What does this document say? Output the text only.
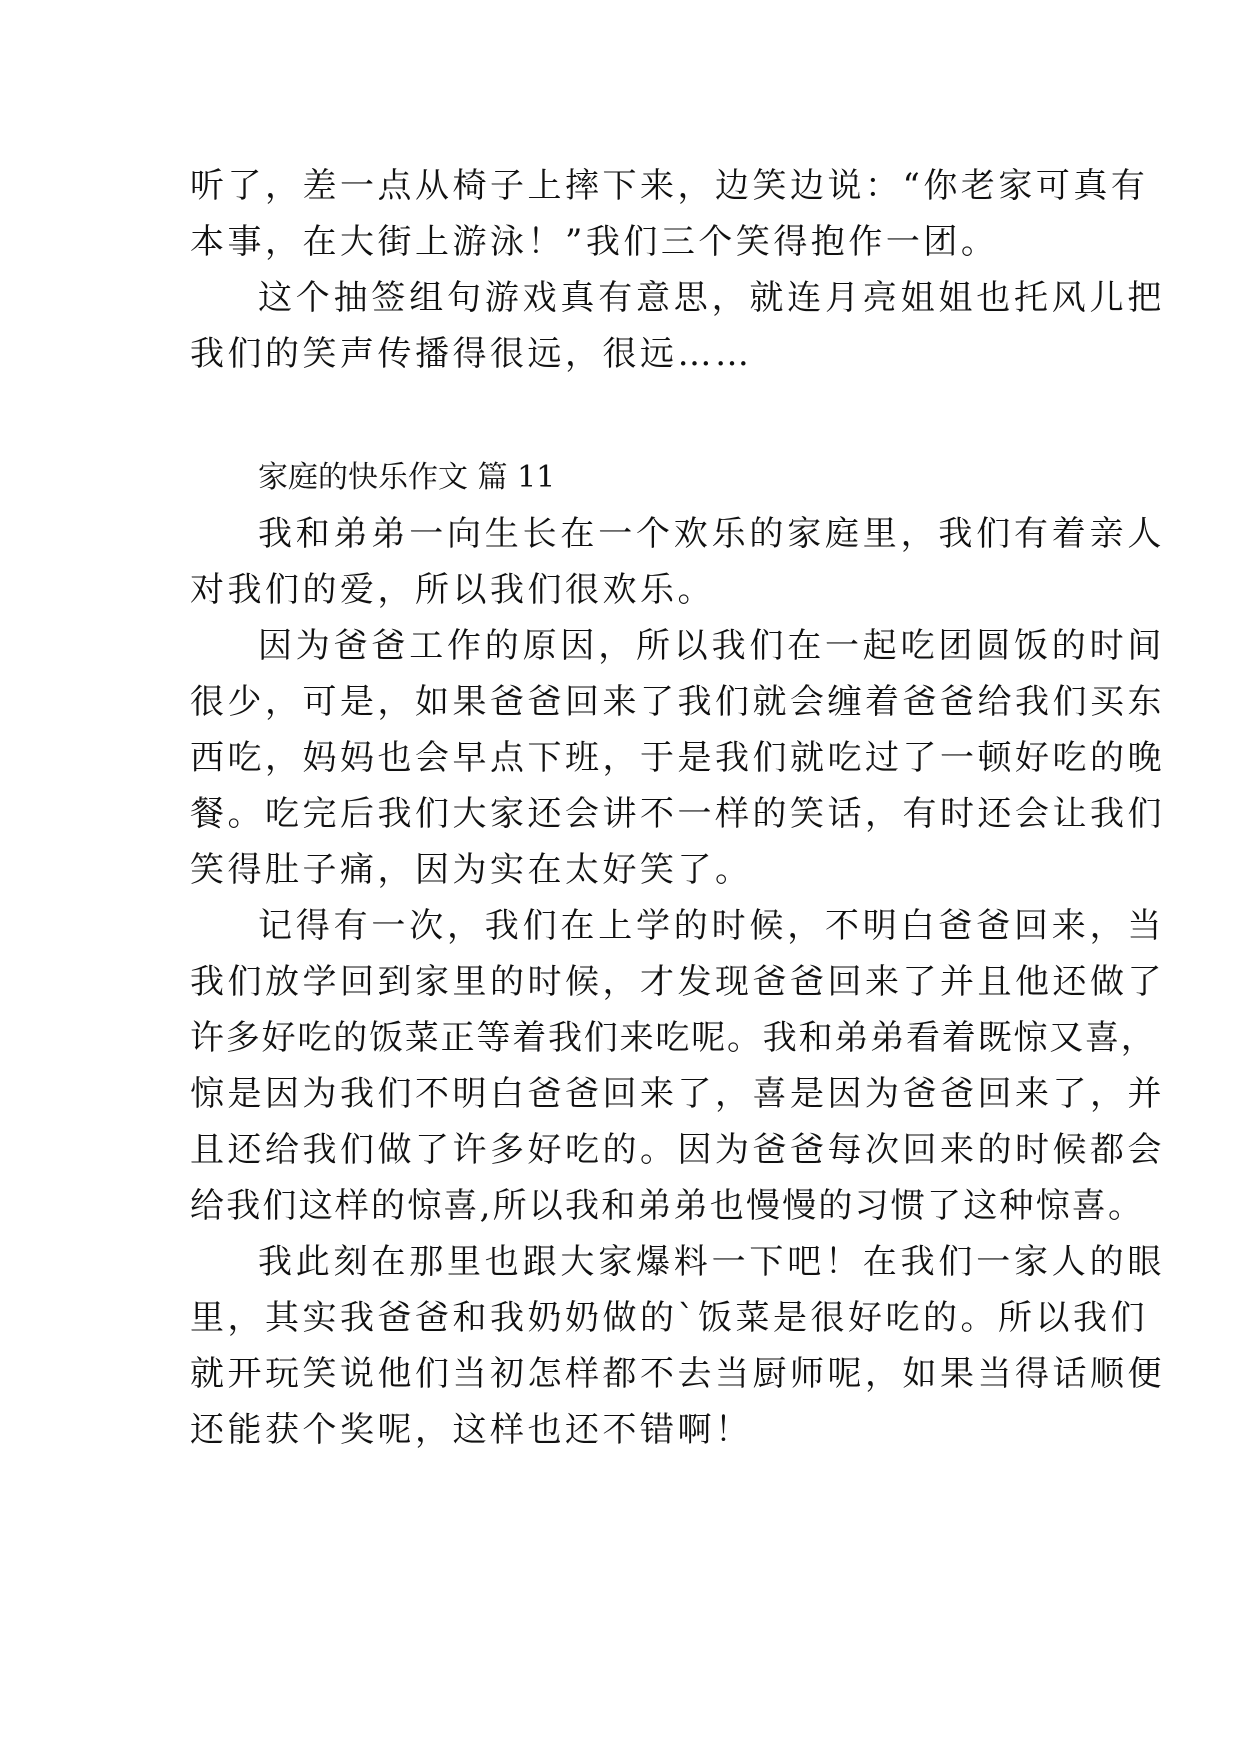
听了，差一点从椅子上摔下来，边笑边说：“你老家可真有
本事，在大街上游泳！”我们三个笑得抱作一团。
这个抽签组句游戏真有意思，就连月亮姐姐也托风儿把
我们的笑声传播得很远，很远……
家庭的快乐作文 篇 11
我和弟弟一向生长在一个欢乐的家庭里，我们有着亲人
对我们的爱，所以我们很欢乐。
因为爸爸工作的原因，所以我们在一起吃团圆饭的时间
很少，可是，如果爸爸回来了我们就会缠着爸爸给我们买东
西吃，妈妈也会早点下班，于是我们就吃过了一顿好吃的晚
餐。吃完后我们大家还会讲不一样的笑话，有时还会让我们
笑得肚子痛，因为实在太好笑了。
记得有一次，我们在上学的时候，不明白爸爸回来，当
我们放学回到家里的时候，才发现爸爸回来了并且他还做了
许多好吃的饭菜正等着我们来吃呢。我和弟弟看着既惊又喜，
惊是因为我们不明白爸爸回来了，喜是因为爸爸回来了，并
且还给我们做了许多好吃的。因为爸爸每次回来的时候都会
给我们这样的惊喜,所以我和弟弟也慢慢的习惯了这种惊喜。
我此刻在那里也跟大家爆料一下吧！在我们一家人的眼
里，其实我爸爸和我奶奶做的`饭菜是很好吃的。所以我们
就开玩笑说他们当初怎样都不去当厨师呢，如果当得话顺便
还能获个奖呢，这样也还不错啊！
